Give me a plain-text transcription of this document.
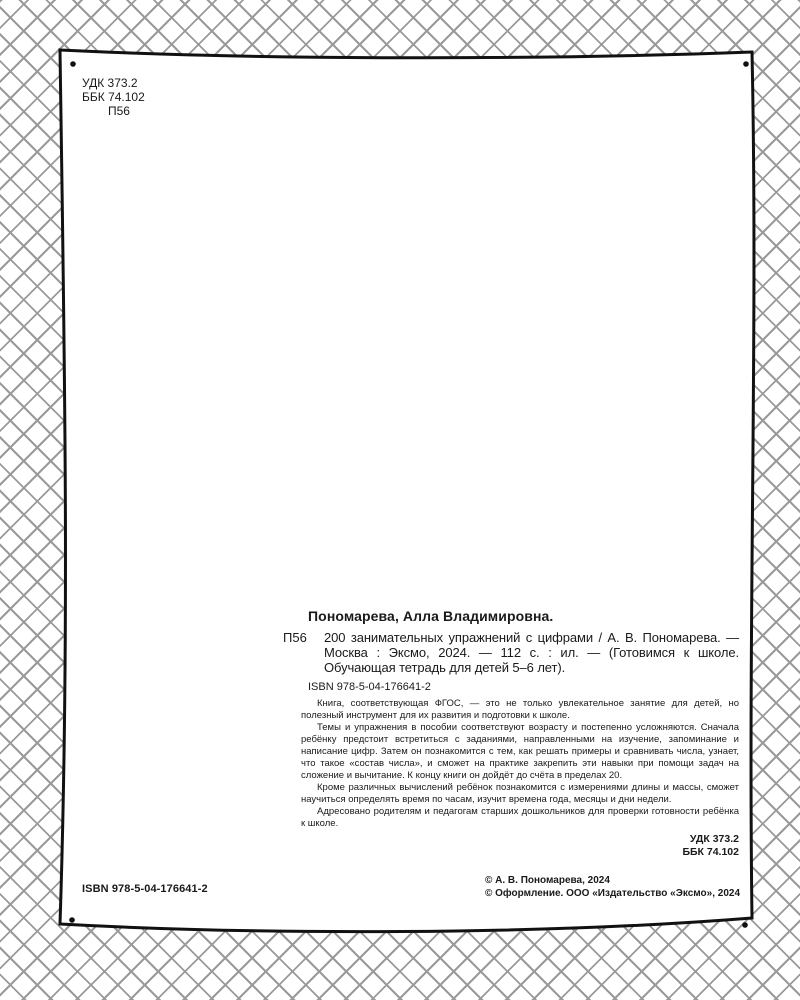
УДК 373.2
ББК 74.102
П56
Пономарева, Алла Владимировна.
П56 200 занимательных упражнений с цифрами / А. В. Пономарева. — Москва : Эксмо, 2024. — 112 с. : ил. — (Готовимся к школе. Обучающая тетрадь для детей 5–6 лет).
ISBN 978-5-04-176641-2

Книга, соответствующая ФГОС, — это не только увлекательное занятие для детей, но полезный инструмент для их развития и подготовки к школе.

Темы и упражнения в пособии соответствуют возрасту и постепенно усложняются. Сначала ребёнку предстоит встретиться с заданиями, направленными на изучение, запоминание и написание цифр. Затем он познакомится с тем, как решать примеры и сравнивать числа, узнает, что такое «состав числа», и сможет на практике закрепить эти навыки при помощи задач на сложение и вычитание. К концу книги он дойдёт до счёта в пределах 20.

Кроме различных вычислений ребёнок познакомится с измерениями длины и массы, сможет научиться определять время по часам, изучит времена года, месяцы и дни недели.

Адресовано родителям и педагогам старших дошкольников для проверки готовности ребёнка к школе.

УДК 373.2
ББК 74.102
ISBN 978-5-04-176641-2
© А. В. Пономарева, 2024
© Оформление. ООО «Издательство «Эксмо», 2024
